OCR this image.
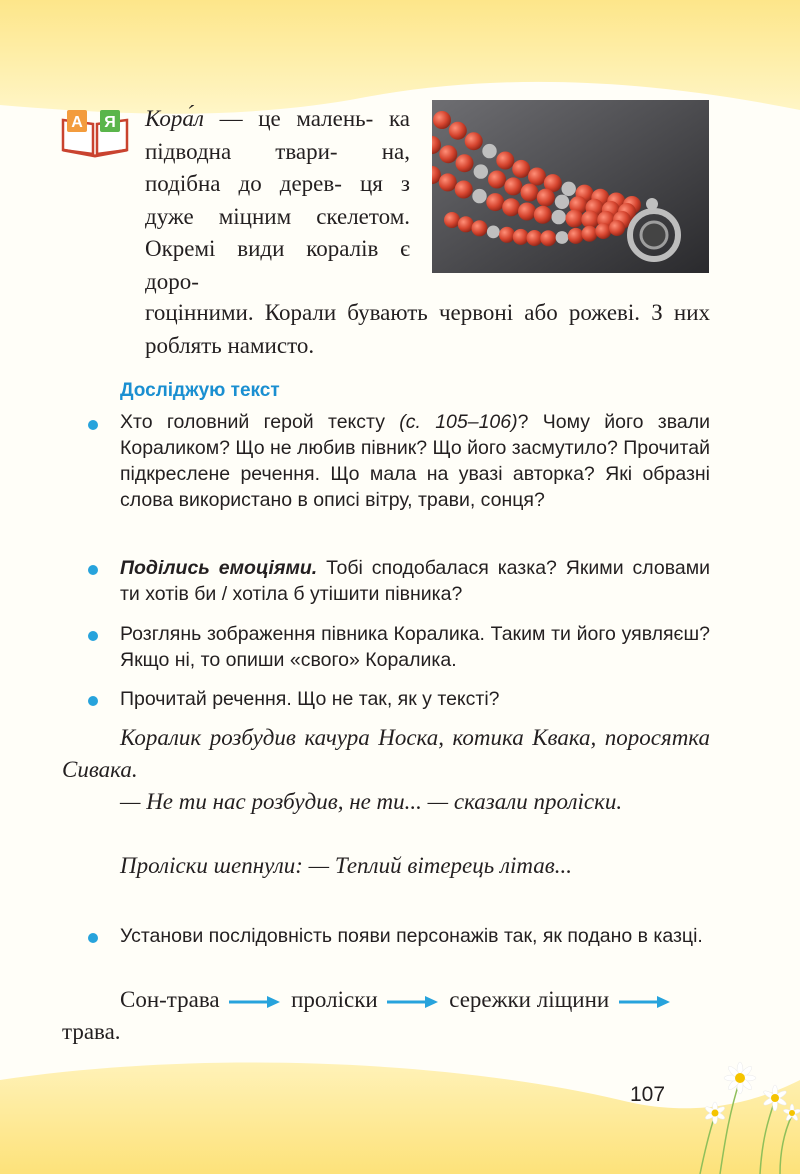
А Я Кора́л — це малень- ка підводна твари- на, подібна до дерев- ця з дуже міцним скелетом. Окремі види коралів є доро-
гоцінними. Корали бувають червоні або рожеві. З них роблять намисто.
Досліджую текст
Хто головний герой тексту (с. 105–106)? Чому його звали Кораликом? Що не любив півник? Що його засмутило? Прочитай підкреслене речення. Що мала на увазі авторка? Які образні слова використано в описі вітру, трави, сонця?
Поділись емоціями. Тобі сподобалася казка? Якими словами ти хотів би / хотіла б утішити півника?
Розглянь зображення півника Коралика. Таким ти його уявляєш? Якщо ні, то опиши «свого» Коралика.
Прочитай речення. Що не так, як у тексті?
Коралик розбудив качура Носка, котика Квака, поросятка Сивака.
— Не ти нас розбудив, не ти... — сказали проліски.
Проліски шепнули: — Теплий вітерець літав...
Установи послідовність появи персонажів так, як подано в казці.
Сон-трава	проліски	сережки ліщини  трава.
107
